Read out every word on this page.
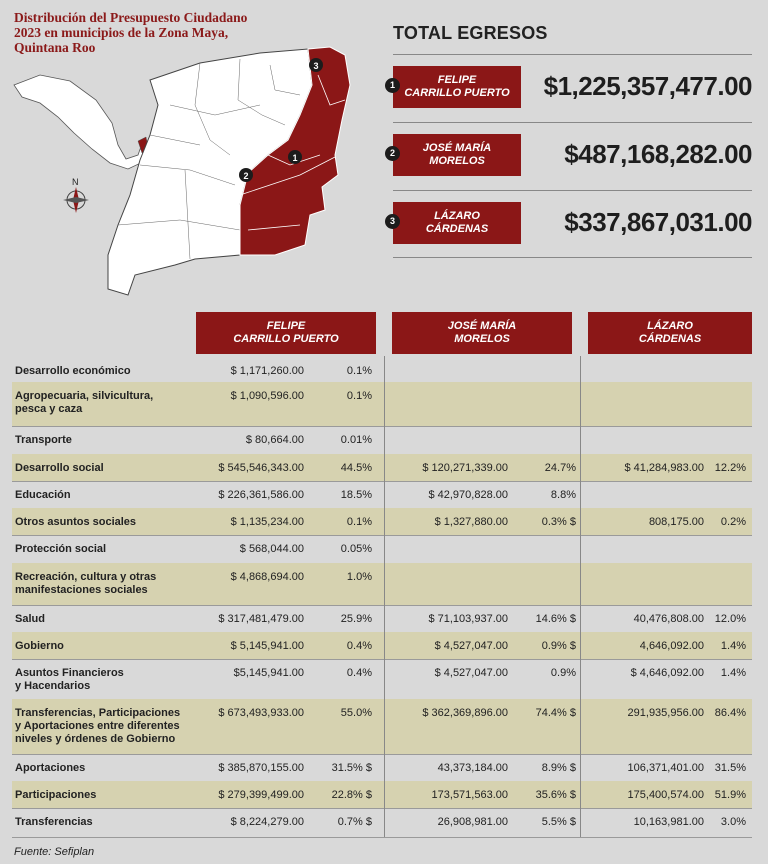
Distribución del Presupuesto Ciudadano
2023 en municipios de la Zona Maya,
Quintana Roo
N
1
2
3
TOTAL EGRESOS
FELIPE
CARRILLO PUERTO
1	$1,225,357,477.00
JOSÉ MARÍA
MORELOS
2	$487,168,282.00
LÁZARO
CÁRDENAS
3	$337,867,031.00
FELIPE
CARRILLO PUERTO
JOSÉ MARÍA
MORELOS
LÁZARO
CÁRDENAS
Desarrollo económico	$ 1,171,260.00	0.1%
Agropecuaria, silvicultura,
pesca y caza
$ 1,090,596.00	0.1%
Transporte	$ 80,664.00	0.01%
Desarrollo social	$ 545,546,343.00	44.5%	$ 120,271,339.00	24.7%	$ 41,284,983.00 12.2%
Educación	$ 226,361,586.00	18.5%	$ 42,970,828.00	8.8%
Otros asuntos sociales	$ 1,135,234.00	0.1%	$ 1,327,880.00	0.3% $	808,175.00	0.2%
Protección social	$ 568,044.00	0.05%
Recreación, cultura y otras
manifestaciones sociales
$ 4,868,694.00	1.0%
Salud	$ 317,481,479.00	25.9%	$ 71,103,937.00	14.6% $	40,476,808.00 12.0%
Gobierno	$ 5,145,941.00	0.4%	$ 4,527,047.00	0.9% $	4,646,092.00	1.4%
Asuntos Financieros
y Hacendarios
$5,145,941.00	0.4%	$ 4,527,047.00	0.9%	$ 4,646,092.00	1.4%
Transferencias, Participaciones
y Aportaciones entre diferentes
niveles y órdenes de Gobierno
$ 673,493,933.00	55.0%	$ 362,369,896.00	74.4% $	291,935,956.00 86.4%
Aportaciones	$ 385,870,155.00	31.5% $	43,373,184.00	8.9% $	106,371,401.00 31.5%
Participaciones	$ 279,399,499.00	22.8% $	173,571,563.00	35.6% $	175,400,574.00 51.9%
Transferencias	$ 8,224,279.00	0.7% $	26,908,981.00	5.5% $	10,163,981.00	3.0%
Fuente: Sefiplan
